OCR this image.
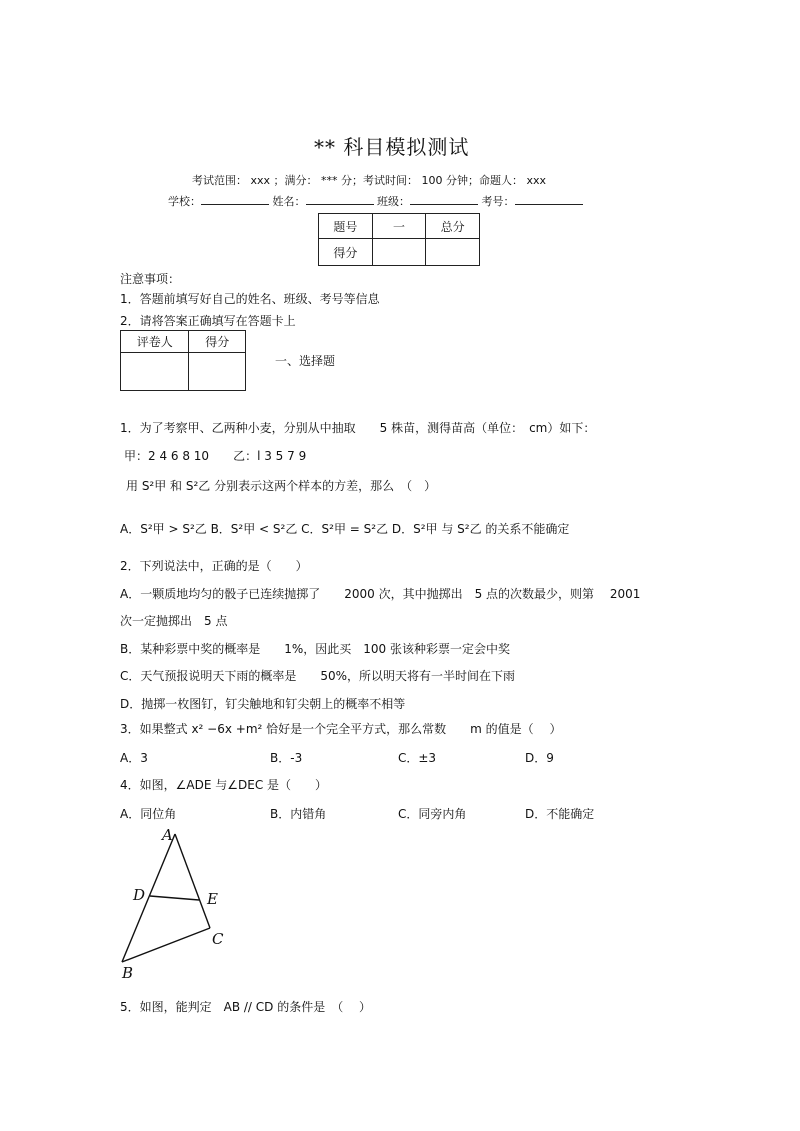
** 科目模拟测试
考试范围： xxx ；满分： *** 分；考试时间： 100 分钟；命题人： xxx
学校：	姓名：	班级：	考号：
题号	一	总分
得分		
注意事项：
1．答题前填写好自己的姓名、班级、考号等信息
2．请将答案正确填写在答题卡上
评卷人	得分

一、选择题
1．为了考察甲、乙两种小麦，分别从中抽取　　5 株苗，测得苗高（单位：　cm）如下：
甲：2 4 6 8 10　　乙：l 3 5 7 9
用 S²甲 和 S²乙 分别表示这两个样本的方差，那么　（　）
A．S²甲 > S²乙 B．S²甲 < S²乙 C．S²甲 = S²乙 D．S²甲 与 S²乙 的关系不能确定
2．下列说法中，正确的是（　　）
A．一颗质地均匀的骰子已连续抛掷了　　2000 次，其中抛掷出　5 点的次数最少，则第　 2001
次一定抛掷出　5 点
B．某种彩票中奖的概率是　　1%，因此买　100 张该种彩票一定会中奖
C．天气预报说明天下雨的概率是　　50%，所以明天将有一半时间在下雨
D．抛掷一枚图钉，钉尖触地和钉尖朝上的概率不相等
3．如果整式 x² −6x +m² 恰好是一个完全平方式，那么常数　　m 的值是（　 ）
A．3	B．-3	C．±3	D．9
4．如图，∠ADE 与∠DEC 是（　　）
A．同位角	B．内错角	C．同旁内角	D．不能确定
A
D	E
C
B
5．如图，能判定　AB // CD 的条件是　（　 ）
